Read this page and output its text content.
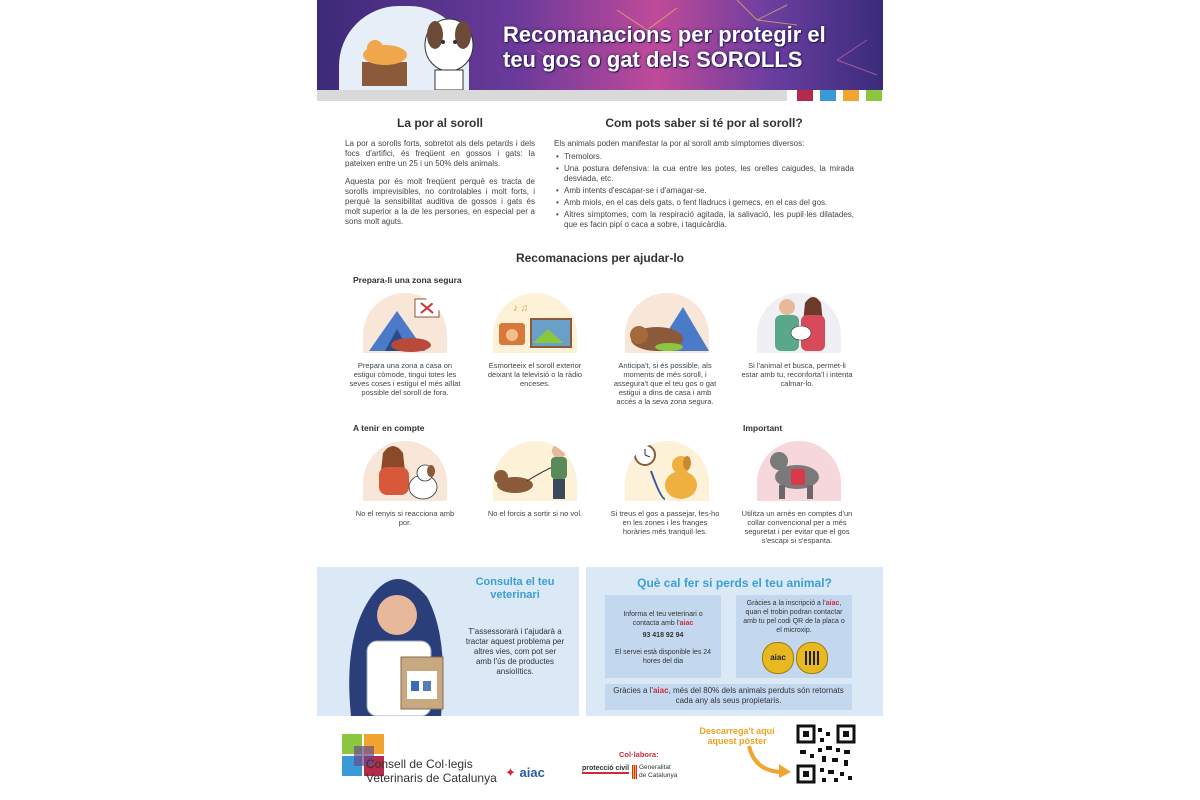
Recomanacions per protegir el
teu gos o gat dels SOROLLS
La por al soroll
La por a sorolls forts, sobretot als dels petards i dels focs d'artifici, és freqüent en gossos i gats: la pateixen entre un 25 i un 50% dels animals.
Aquesta por és molt freqüent perquè es tracta de sorolls imprevisibles, no controlables i molt forts, i perquè la sensibilitat auditiva de gossos i gats és molt superior a la de les persones, en especial per a sons molt aguts.
Com pots saber si té por al soroll?
Els animals poden manifestar la por al soroll amb símptomes diversos:
• Tremolors.
• Una postura defensiva: la cua entre les potes, les orelles caigudes, la mirada desviada, etc.
• Amb intents d'escapar-se i d'amagar-se.
• Amb miols, en el cas dels gats, o fent lladrucs i gemecs, en el cas del gos.
• Altres símptomes, com la respiració agitada, la salivació, les pupil·les dilatades, que es facin pipí o caca a sobre, i taquicàrdia.
Recomanacions per ajudar-lo
Prepara-li una zona segura
Prepara una zona a casa on estigui còmode, tingui totes les seves coses i estigui el més aïllat possible del soroll de fora.
♪ ♫
Esmorteeix el soroll exterior deixant la televisió o la ràdio enceses.
Anticipa't, si és possible, als moments de més soroll, i assegura't que el teu gos o gat estigui a dins de casa i amb accés a la seva zona segura.
Si l'animal et busca, permet-li estar amb tu, reconforta'l i intenta calmar-lo.
A tenir en compte	Important
No el renyis si reacciona amb por.
No el forcis a sortir si no vol.	Si treus el gos a passejar, fes-ho en les zones i les franges horàries més tranquil·les.
Utilitza un arnès en comptes d'un collar convencional per a més seguretat i per evitar que el gos s'escapi si s'espanta.
Consulta el teu
veterinari
T'assessorarà i t'ajudarà a tractar aquest problema per altres vies, com pot ser amb l'ús de productes ansiolítics.
Què cal fer si perds el teu animal?
Informa el teu veterinari o contacta amb l'aiac
93 418 92 94
El servei està disponible les 24 hores del dia
Gràcies a la inscripció a l'aiac, quan el trobin podran contactar amb tu pel codi QR de la placa o el microxip.
aiac
Gràcies a l'aiac, més del 80% dels animals perduts són retornats cada any als seus propietaris.
Consell de Col·legis
Veterinaris de Catalunya ✦ aiac
Col·labora:
protecció civil Generalitat
de Catalunya
Descarrega't aquí
aquest pòster
